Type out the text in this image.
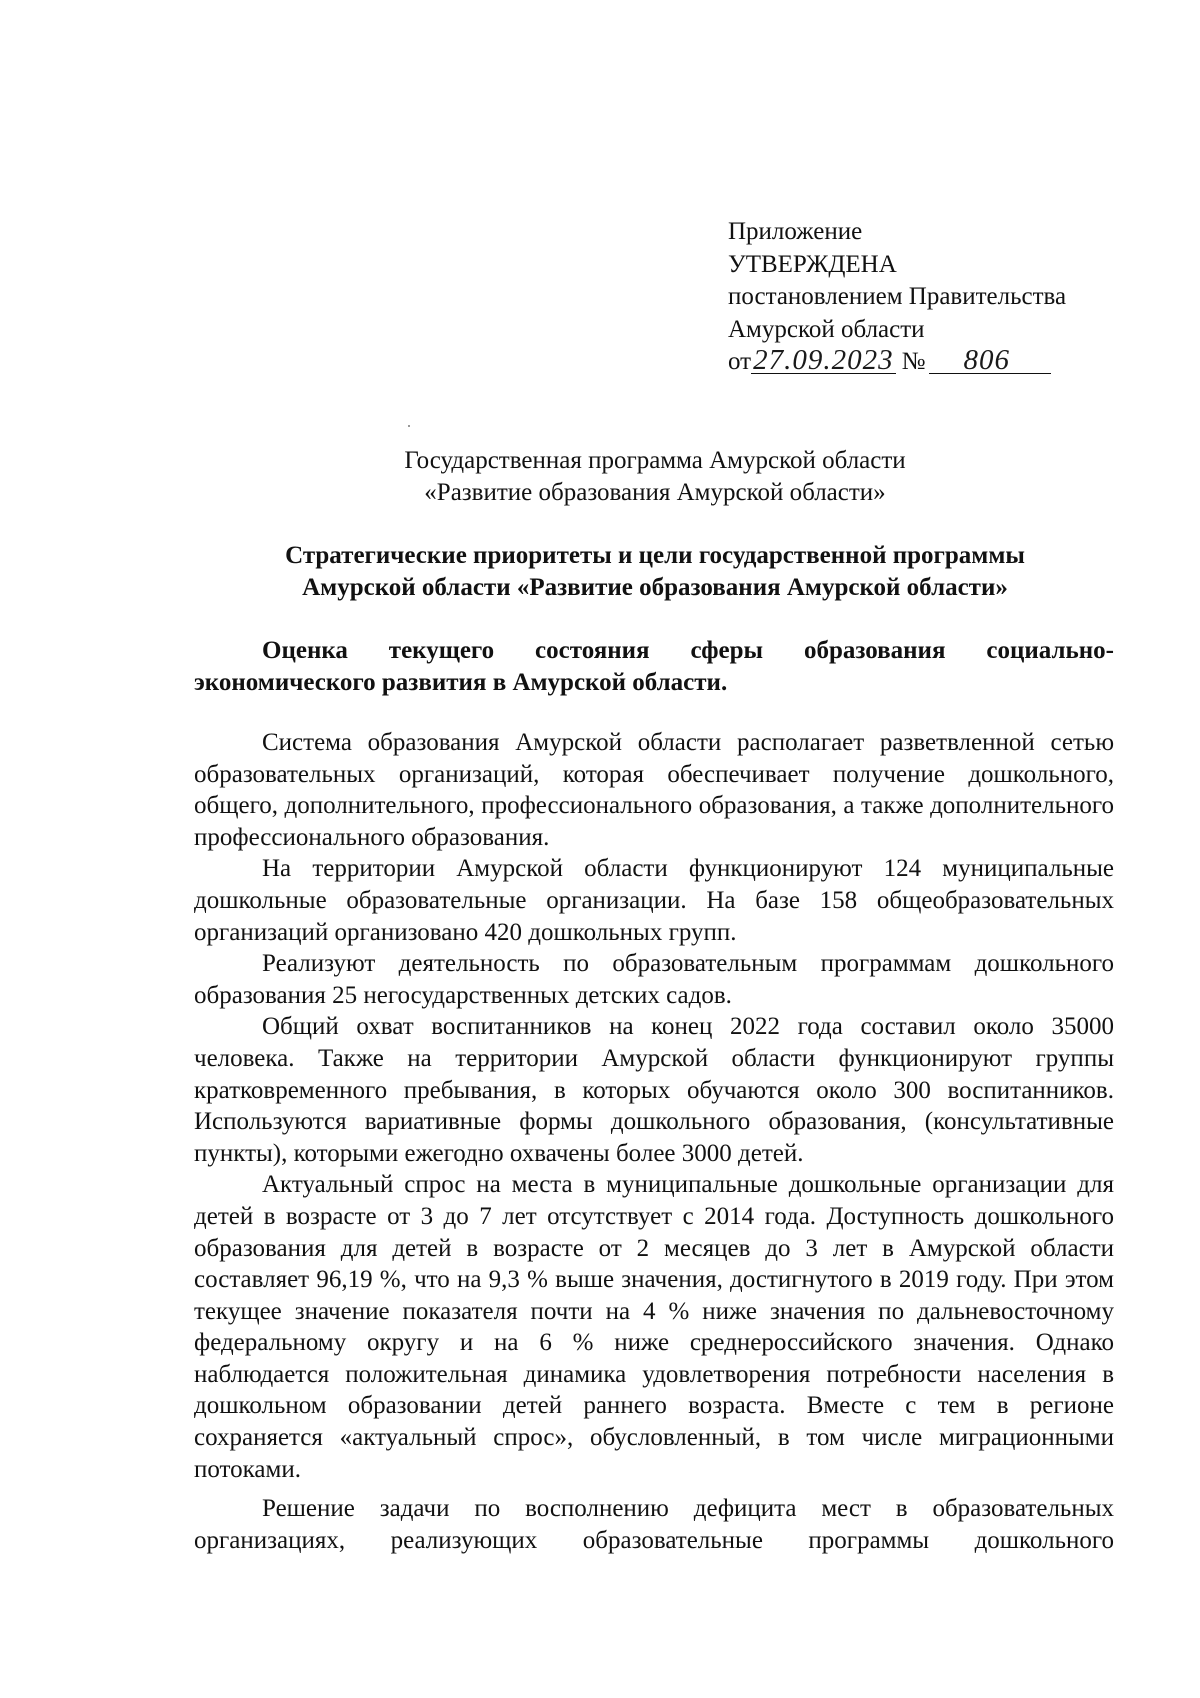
Приложение
УТВЕРЖДЕНА
постановлением Правительства
Амурской области
от27.09.2023 № 806
Государственная программа Амурской области
«Развитие образования Амурской области»
Стратегические приоритеты и цели государственной программы
Амурской области «Развитие образования Амурской области»

Оценка текущего состояния сферы образования социально-экономического развития в Амурской области.

Система образования Амурской области располагает разветвленной сетью образовательных организаций, которая обеспечивает получение дошкольного, общего, дополнительного, профессионального образования, а также дополнительного профессионального образования.

На территории Амурской области функционируют 124 муниципальные дошкольные образовательные организации. На базе 158 общеобразовательных организаций организовано 420 дошкольных групп.

Реализуют деятельность по образовательным программам дошкольного образования 25 негосударственных детских садов.

Общий охват воспитанников на конец 2022 года составил около 35000 человека. Также на территории Амурской области функционируют группы кратковременного пребывания, в которых обучаются около 300 воспитанников. Используются вариативные формы дошкольного образования, (консультативные пункты), которыми ежегодно охвачены более 3000 детей.

Актуальный спрос на места в муниципальные дошкольные организации для детей в возрасте от 3 до 7 лет отсутствует с 2014 года. Доступность дошкольного образования для детей в возрасте от 2 месяцев до 3 лет в Амурской области составляет 96,19 %, что на 9,3 % выше значения, достигнутого в 2019 году. При этом текущее значение показателя почти на 4 % ниже значения по дальневосточному федеральному округу и на 6 % ниже среднероссийского значения. Однако наблюдается положительная динамика удовлетворения потребности населения в дошкольном образовании детей раннего возраста. Вместе с тем в регионе сохраняется «актуальный спрос», обусловленный, в том числе миграционными потоками.

Решение задачи по восполнению дефицита мест в образовательных организациях, реализующих образовательные программы дошкольного
